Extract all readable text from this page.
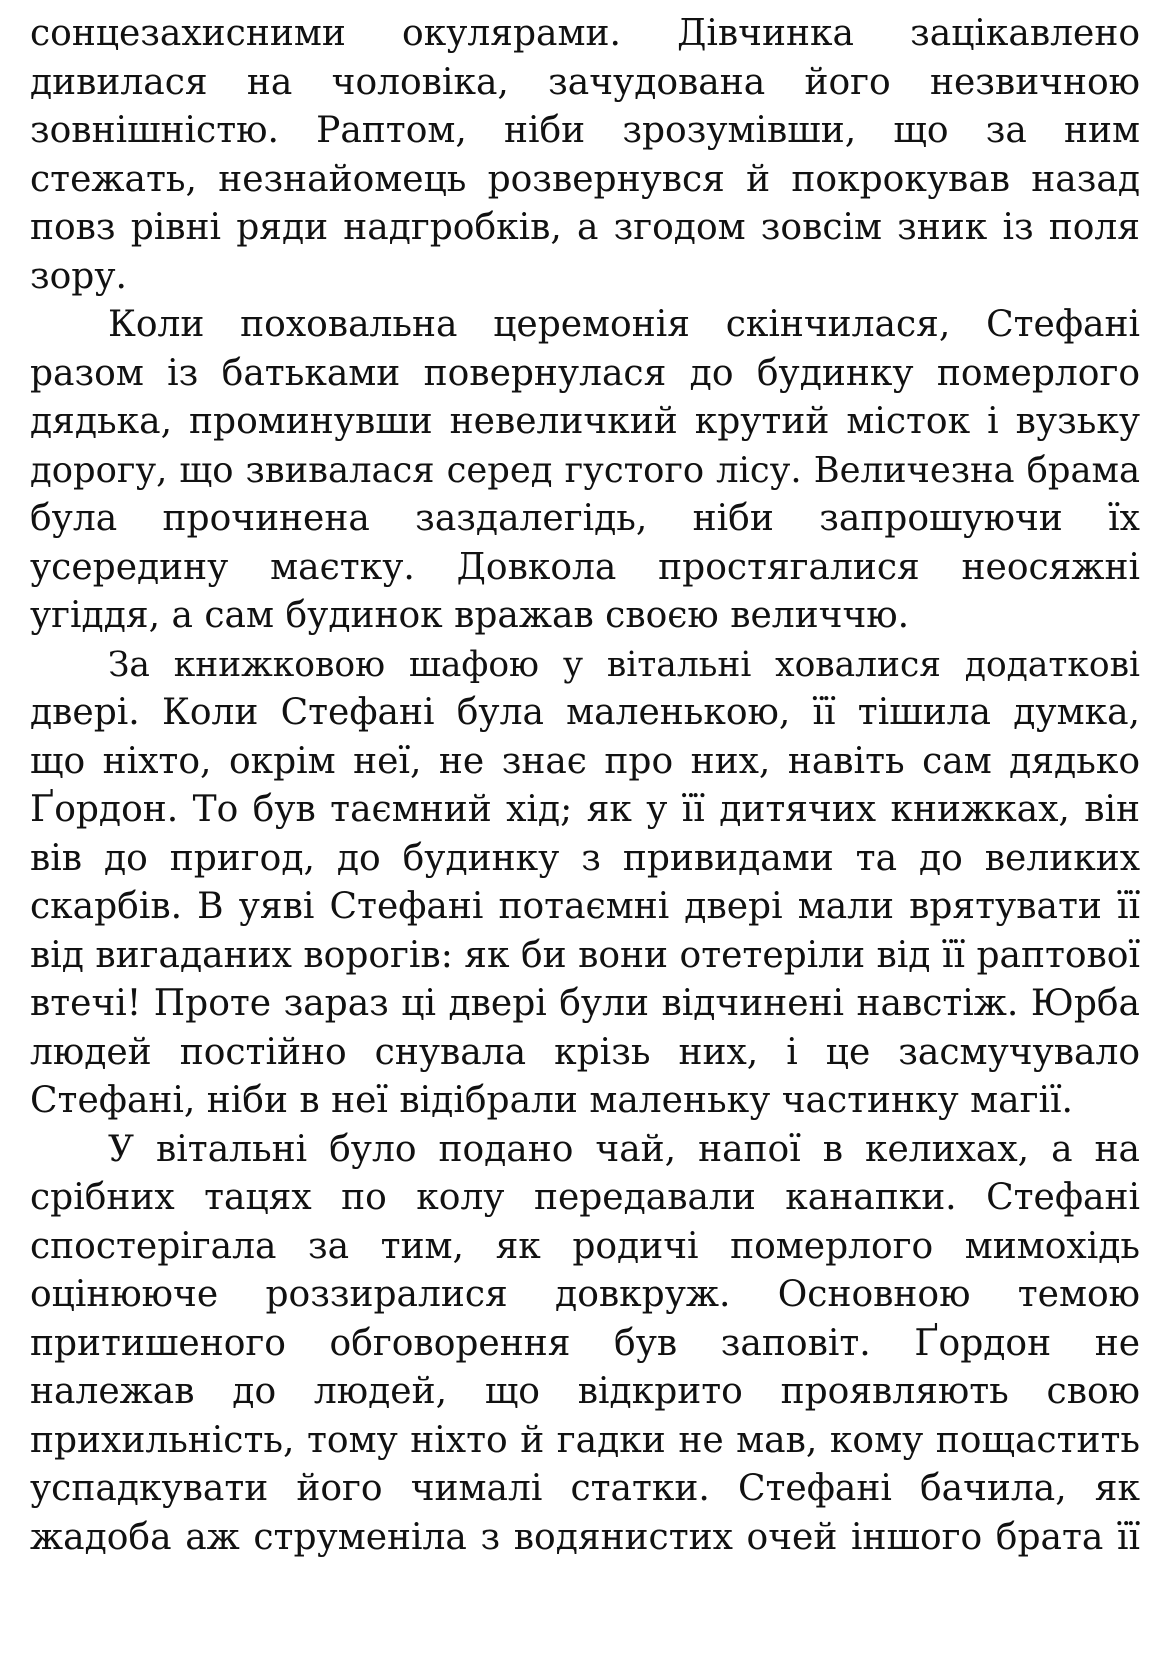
сонцезахисними окулярами. Дівчинка зацікавлено
дивилася на чоловіка, зачудована його незвичною
зовнішністю. Раптом, ніби зрозумівши, що за ним
стежать, незнайомець розвернувся й покрокував назад
повз рівні ряди надгробків, а згодом зовсім зник із поля
зору.

Коли поховальна церемонія скінчилася, Стефані
разом із батьками повернулася до будинку померлого
дядька, проминувши невеличкий крутий місток і вузьку
дорогу, що звивалася серед густого лісу. Величезна брама
була прочинена заздалегідь, ніби запрошуючи їх
усередину маєтку. Довкола простягалися неосяжні
угіддя, а сам будинок вражав своєю величчю.

За книжковою шафою у вітальні ховалися додаткові
двері. Коли Стефані була маленькою, її тішила думка,
що ніхто, окрім неї, не знає про них, навіть сам дядько
Ґордон. То був таємний хід; як у її дитячих книжках, він
вів до пригод, до будинку з привидами та до великих
скарбів. В уяві Стефані потаємні двері мали врятувати її
від вигаданих ворогів: як би вони отетеріли від її раптової
втечі! Проте зараз ці двері були відчинені навстіж. Юрба
людей постійно снувала крізь них, і це засмучувало
Стефані, ніби в неї відібрали маленьку частинку магії.

У вітальні було подано чай, напої в келихах, а на
срібних тацях по колу передавали канапки. Стефані
спостерігала за тим, як родичі померлого мимохідь
оцінююче роззиралися довкруж. Основною темою
притишеного обговорення був заповіт. Ґордон не
належав до людей, що відкрито проявляють свою
прихильність, тому ніхто й гадки не мав, кому пощастить
успадкувати його чималі статки. Стефані бачила, як
жадоба аж струменіла з водянистих очей іншого брата її
